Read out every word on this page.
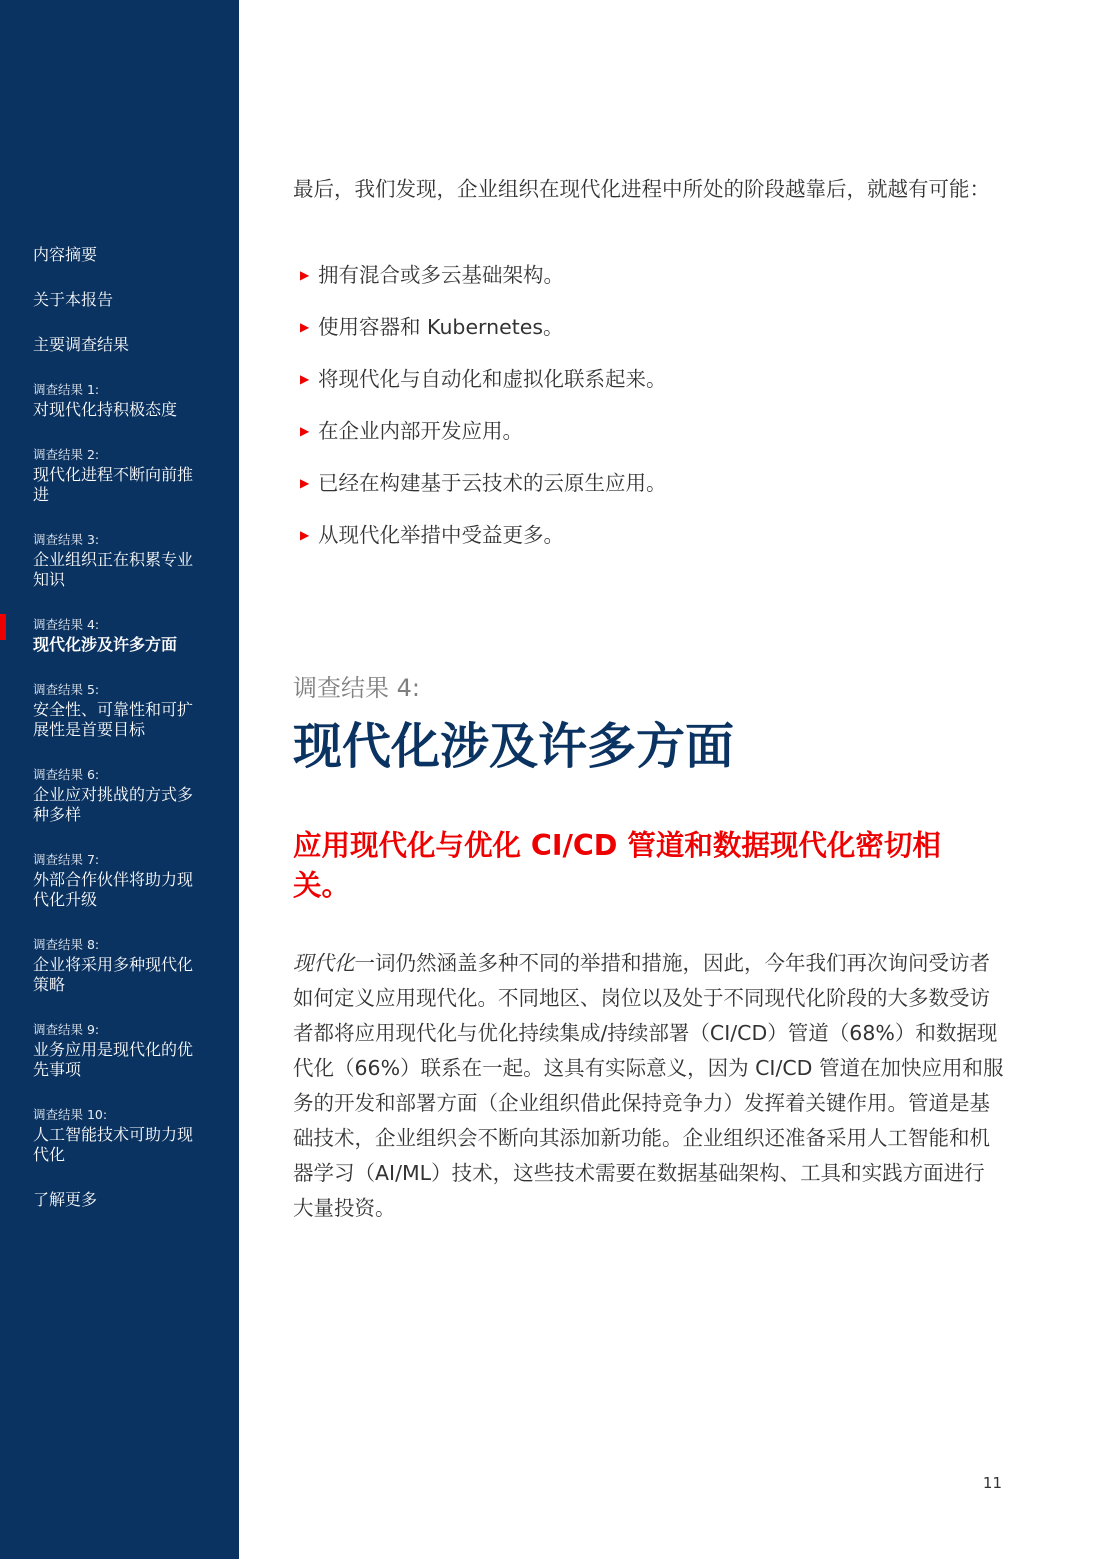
内容摘要
关于本报告
主要调查结果
调查结果 1:
对现代化持积极态度
调查结果 2:
现代化进程不断向前推进
调查结果 3:
企业组织正在积累专业知识
调查结果 4:
现代化涉及许多方面
调查结果 5:
安全性、可靠性和可扩展性是首要目标
调查结果 6:
企业应对挑战的方式多种多样
调查结果 7:
外部合作伙伴将助力现代化升级
调查结果 8:
企业将采用多种现代化策略
调查结果 9:
业务应用是现代化的优先事项
调查结果 10:
人工智能技术可助力现代化
了解更多

最后，我们发现，企业组织在现代化进程中所处的阶段越靠后，就越有可能：

▶ 拥有混合或多云基础架构。
▶ 使用容器和 Kubernetes。
▶ 将现代化与自动化和虚拟化联系起来。
▶ 在企业内部开发应用。
▶ 已经在构建基于云技术的云原生应用。
▶ 从现代化举措中受益更多。
调查结果 4:
现代化涉及许多方面
应用现代化与优化 CI/CD 管道和数据现代化密切相关。

现代化一词仍然涵盖多种不同的举措和措施，因此，今年我们再次询问受访者如何定义应用现代化。不同地区、岗位以及处于不同现代化阶段的大多数受访者都将应用现代化与优化持续集成/持续部署（CI/CD）管道（68%）和数据现代化（66%）联系在一起。这具有实际意义，因为 CI/CD 管道在加快应用和服务的开发和部署方面（企业组织借此保持竞争力）发挥着关键作用。管道是基础技术，企业组织会不断向其添加新功能。企业组织还准备采用人工智能和机器学习（AI/ML）技术，这些技术需要在数据基础架构、工具和实践方面进行大量投资。

11
